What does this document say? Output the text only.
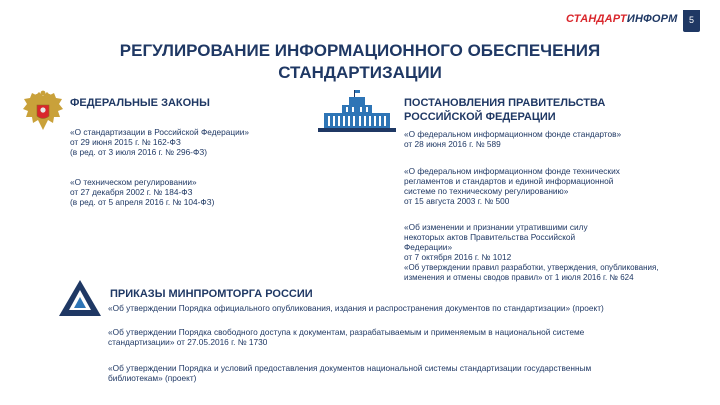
СТАНДАРТИНФОРМ	5
РЕГУЛИРОВАНИЕ ИНФОРМАЦИОННОГО ОБЕСПЕЧЕНИЯ СТАНДАРТИЗАЦИИ
ФЕДЕРАЛЬНЫЕ ЗАКОНЫ
«О стандартизации в Российской Федерации»
от 29 июня 2015 г. № 162-ФЗ
(в ред. от 3 июля 2016 г. № 296-ФЗ)
«О техническом регулировании»
от 27 декабря 2002 г. № 184-ФЗ
(в ред. от 5 апреля 2016 г. № 104-ФЗ)
ПОСТАНОВЛЕНИЯ ПРАВИТЕЛЬСТВА РОССИЙСКОЙ ФЕДЕРАЦИИ
«О федеральном информационном фонде стандартов»
от 28 июня 2016 г. № 589
«О федеральном информационном фонде технических
регламентов и стандартов и единой информационной
системе по техническому регулированию»
от 15 августа 2003 г. № 500
«Об изменении и признании утратившими силу
некоторых актов Правительства Российской
Федерации»
от 7 октября 2016 г. № 1012
«Об утверждении правил разработки, утверждения, опубликования,
изменения и отмены сводов правил» от 1 июля 2016 г. № 624
ПРИКАЗЫ МИНПРОМТОРГА РОССИИ
«Об утверждении Порядка официального опубликования, издания и распространения документов по стандартизации» (проект)
«Об утверждении Порядка свободного доступа к документам, разрабатываемым и применяемым в национальной системе
стандартизации» от 27.05.2016 г. № 1730
«Об утверждении Порядка и условий предоставления документов национальной системы стандартизации государственным
библиотекам» (проект)
